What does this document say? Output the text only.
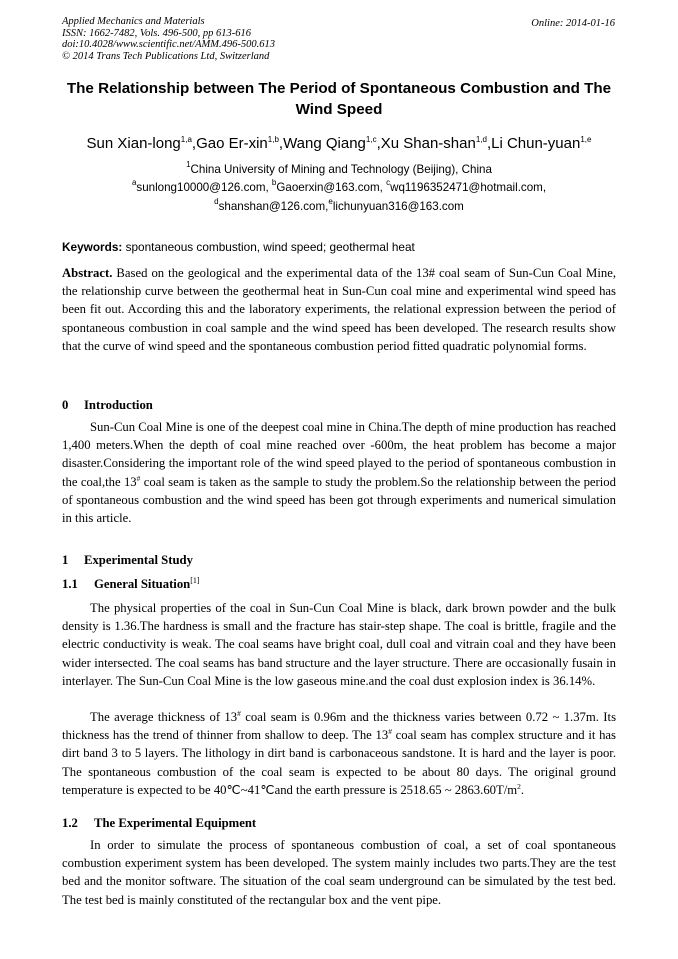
Applied Mechanics and Materials
ISSN: 1662-7482, Vols. 496-500, pp 613-616
doi:10.4028/www.scientific.net/AMM.496-500.613
© 2014 Trans Tech Publications Ltd, Switzerland
Online: 2014-01-16
The Relationship between The Period of Spontaneous Combustion and The Wind Speed
Sun Xian-long$^{1,a}$,Gao Er-xin$^{1,b}$,Wang Qiang$^{1,c}$,Xu Shan-shan$^{1,d}$,Li Chun-yuan$^{1,e}$
$^1$China University of Mining and Technology (Beijing), China
$^a$sunlong10000@126.com, $^b$Gaoerxin@163.com, $^c$wq1196352471@hotmail.com,
$^d$shanshan@126.com,$^e$lichunyuan316@163.com
Keywords: spontaneous combustion, wind speed; geothermal heat
Abstract. Based on the geological and the experimental data of the 13# coal seam of Sun-Cun Coal Mine, the relationship curve between the geothermal heat in Sun-Cun coal mine and experimental wind speed has been fit out. According this and the laboratory experiments, the relational expression between the period of spontaneous combustion in coal sample and the wind speed has been developed. The research results show that the curve of wind speed and the spontaneous combustion period fitted quadratic polynomial forms.
0 Introduction
Sun-Cun Coal Mine is one of the deepest coal mine in China.The depth of mine production has reached 1,400 meters.When the depth of coal mine reached over -600m, the heat problem has become a major disaster.Considering the important role of the wind speed played to the period of spontaneous combustion in the coal,the 13# coal seam is taken as the sample to study the problem.So the relationship between the period of spontaneous combustion and the wind speed has been got through experiments and numerical simulation in this article.
1 Experimental Study
1.1 General Situation[1]
The physical properties of the coal in Sun-Cun Coal Mine is black, dark brown powder and the bulk density is 1.36.The hardness is small and the fracture has stair-step shape. The coal is brittle, fragile and the electric conductivity is weak. The coal seams have bright coal, dull coal and vitrain coal and they have been wider intersected. The coal seams has band structure and the layer structure. There are occasionally fusain in interlayer. The Sun-Cun Coal Mine is the low gaseous mine.and the coal dust explosion index is 36.14%.
The average thickness of 13# coal seam is 0.96m and the thickness varies between 0.72 ~ 1.37m. Its thickness has the trend of thinner from shallow to deep. The 13# coal seam has complex structure and it has dirt band 3 to 5 layers. The lithology in dirt band is carbonaceous sandstone. It is hard and the layer is poor. The spontaneous combustion of the coal seam is expected to be about 80 days. The original ground temperature is expected to be 40℃~41℃and the earth pressure is 2518.65 ~ $2863.60T/m^2$.
1.2 The Experimental Equipment
In order to simulate the process of spontaneous combustion of coal, a set of coal spontaneous combustion experiment system has been developed. The system mainly includes two parts.They are the test bed and the monitor software. The situation of the coal seam underground can be simulated by the test bed. The test bed is mainly constituted of the rectangular box and the vent pipe.
